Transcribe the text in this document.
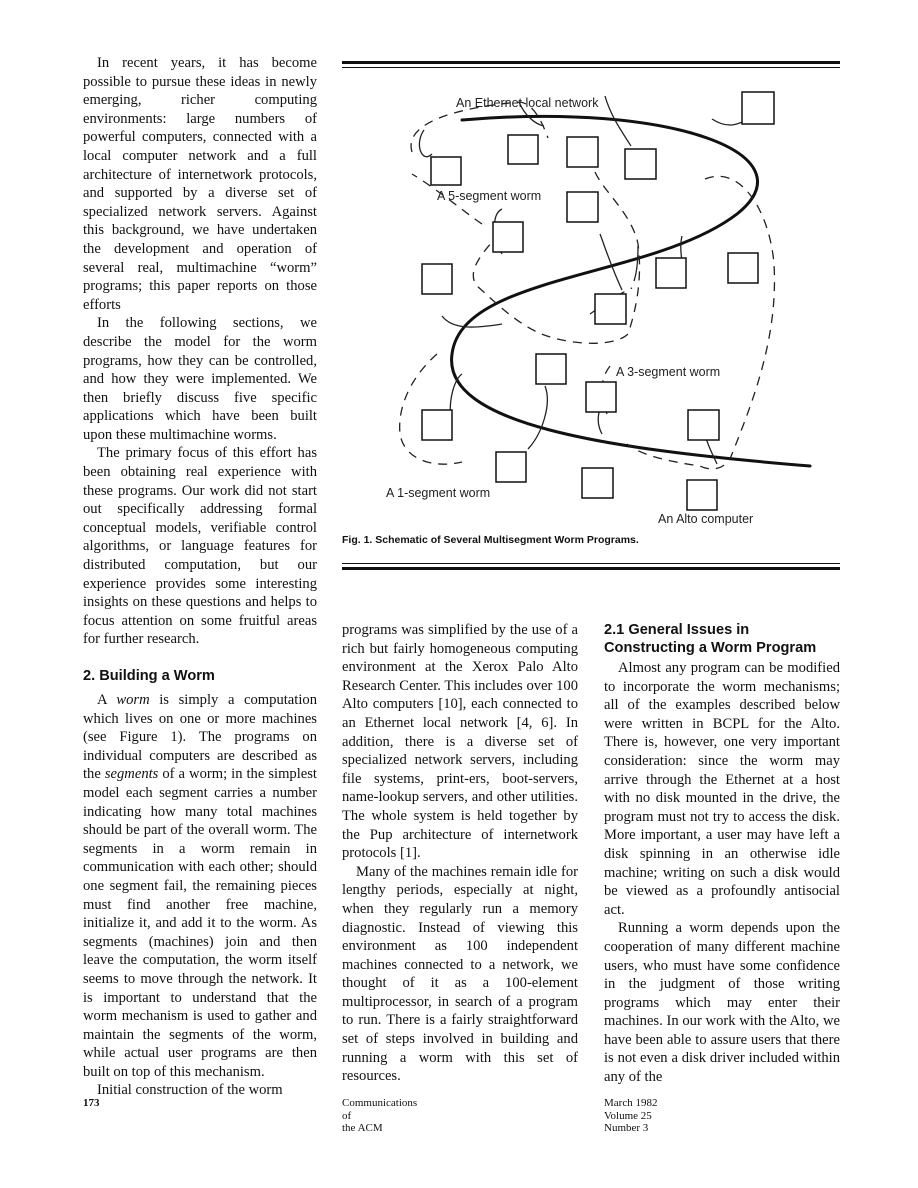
In recent years, it has become possible to pursue these ideas in newly emerging, richer computing environments: large numbers of powerful computers, connected with a local computer network and a full architecture of internetwork protocols, and supported by a diverse set of specialized network servers. Against this background, we have undertaken the development and operation of several real, multimachine “worm” programs; this paper reports on those efforts

In the following sections, we describe the model for the worm programs, how they can be controlled, and how they were implemented. We then briefly discuss five specific applications which have been built upon these multimachine worms.

The primary focus of this effort has been obtaining real experience with these programs. Our work did not start out specifically addressing formal conceptual models, verifiable control algorithms, or language features for distributed computation, but our experience provides some interesting insights on these questions and helps to focus attention on some fruitful areas for further research.

2. Building a Worm

A worm is simply a computation which lives on one or more machines (see Figure 1). The programs on individual computers are described as the segments of a worm; in the simplest model each segment carries a number indicating how many total machines should be part of the overall worm. The segments in a worm remain in communication with each other; should one segment fail, the remaining pieces must find another free machine, initialize it, and add it to the worm. As segments (machines) join and then leave the computation, the worm itself seems to move through the network. It is important to understand that the worm mechanism is used to gather and maintain the segments of the worm, while actual user programs are then built on top of this mechanism.

Initial construction of the worm

An Ethernet local network
A 5-segment worm
A 3-segment worm
A 1-segment worm
An Alto computer
Fig. 1. Schematic of Several Multisegment Worm Programs.

programs was simplified by the use of a rich but fairly homogeneous computing environment at the Xerox Palo Alto Research Center. This includes over 100 Alto computers [10], each connected to an Ethernet local network [4, 6]. In addition, there is a diverse set of specialized network servers, including file systems, print-ers, boot-servers, name-lookup servers, and other utilities. The whole system is held together by the Pup architecture of internetwork protocols [1].

Many of the machines remain idle for lengthy periods, especially at night, when they regularly run a memory diagnostic. Instead of viewing this environment as 100 independent machines connected to a network, we thought of it as a 100-element multiprocessor, in search of a program to run. There is a fairly straightforward set of steps involved in building and running a worm with this set of resources.

2.1 General Issues in Constructing a Worm Program

Almost any program can be modified to incorporate the worm mechanisms; all of the examples described below were written in BCPL for the Alto. There is, however, one very important consideration: since the worm may arrive through the Ethernet at a host with no disk mounted in the drive, the program must not try to access the disk. More important, a user may have left a disk spinning in an otherwise idle machine; writing on such a disk would be viewed as a profoundly antisocial act.

Running a worm depends upon the cooperation of many different machine users, who must have some confidence in the judgment of those writing programs which may enter their machines. In our work with the Alto, we have been able to assure users that there is not even a disk driver included within any of the

173	Communications
of
the ACM
March 1982
Volume 25
Number 3
